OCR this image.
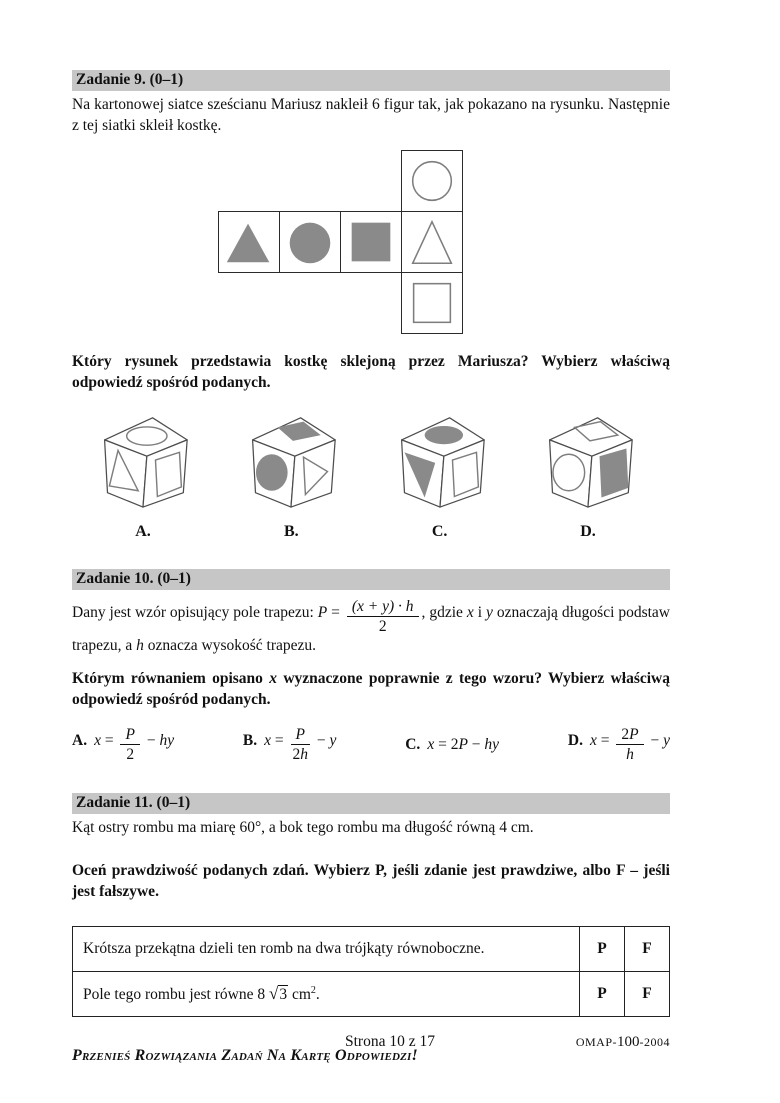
Zadanie 9. (0–1)

Na kartonowej siatce sześcianu Mariusz nakleił 6 figur tak, jak pokazano na rysunku. Następnie z tej siatki skleił kostkę.

Który rysunek przedstawia kostkę sklejoną przez Mariusza? Wybierz właściwą odpowiedź spośród podanych.

A.	B.	C.	D.
Zadanie 10. (0–1)

Dany jest wzór opisujący pole trapezu: $P = \frac{(x + y) \cdot h}{2}$ , gdzie x i y oznaczają długości podstaw trapezu, a h oznacza wysokość trapezu.

Którym równaniem opisano x wyznaczone poprawnie z tego wzoru? Wybierz właściwą odpowiedź spośród podanych.

A. $x = \frac{P}{2}$ − hy	B. $x = \frac{P}{2h} - y$	C. x = 2P − hy	D. $x = \frac{2P}{h} - y$
Zadanie 11. (0–1)

Kąt ostry rombu ma miarę 60°, a bok tego rombu ma długość równą 4 cm.

Oceń prawdziwość podanych zdań. Wybierz P, jeśli zdanie jest prawdziwe, albo F – jeśli jest fałszywe.

Krótsza przekątna dzieli ten romb na dwa trójkąty równoboczne.	P	F
Pole tego rombu jest równe 8 √3 $cm^2$.	P	F

Przenieś Rozwiązania Zadań Na Kartę Odpowiedzi!

Strona 10 z 17	OMAP-100-2004
